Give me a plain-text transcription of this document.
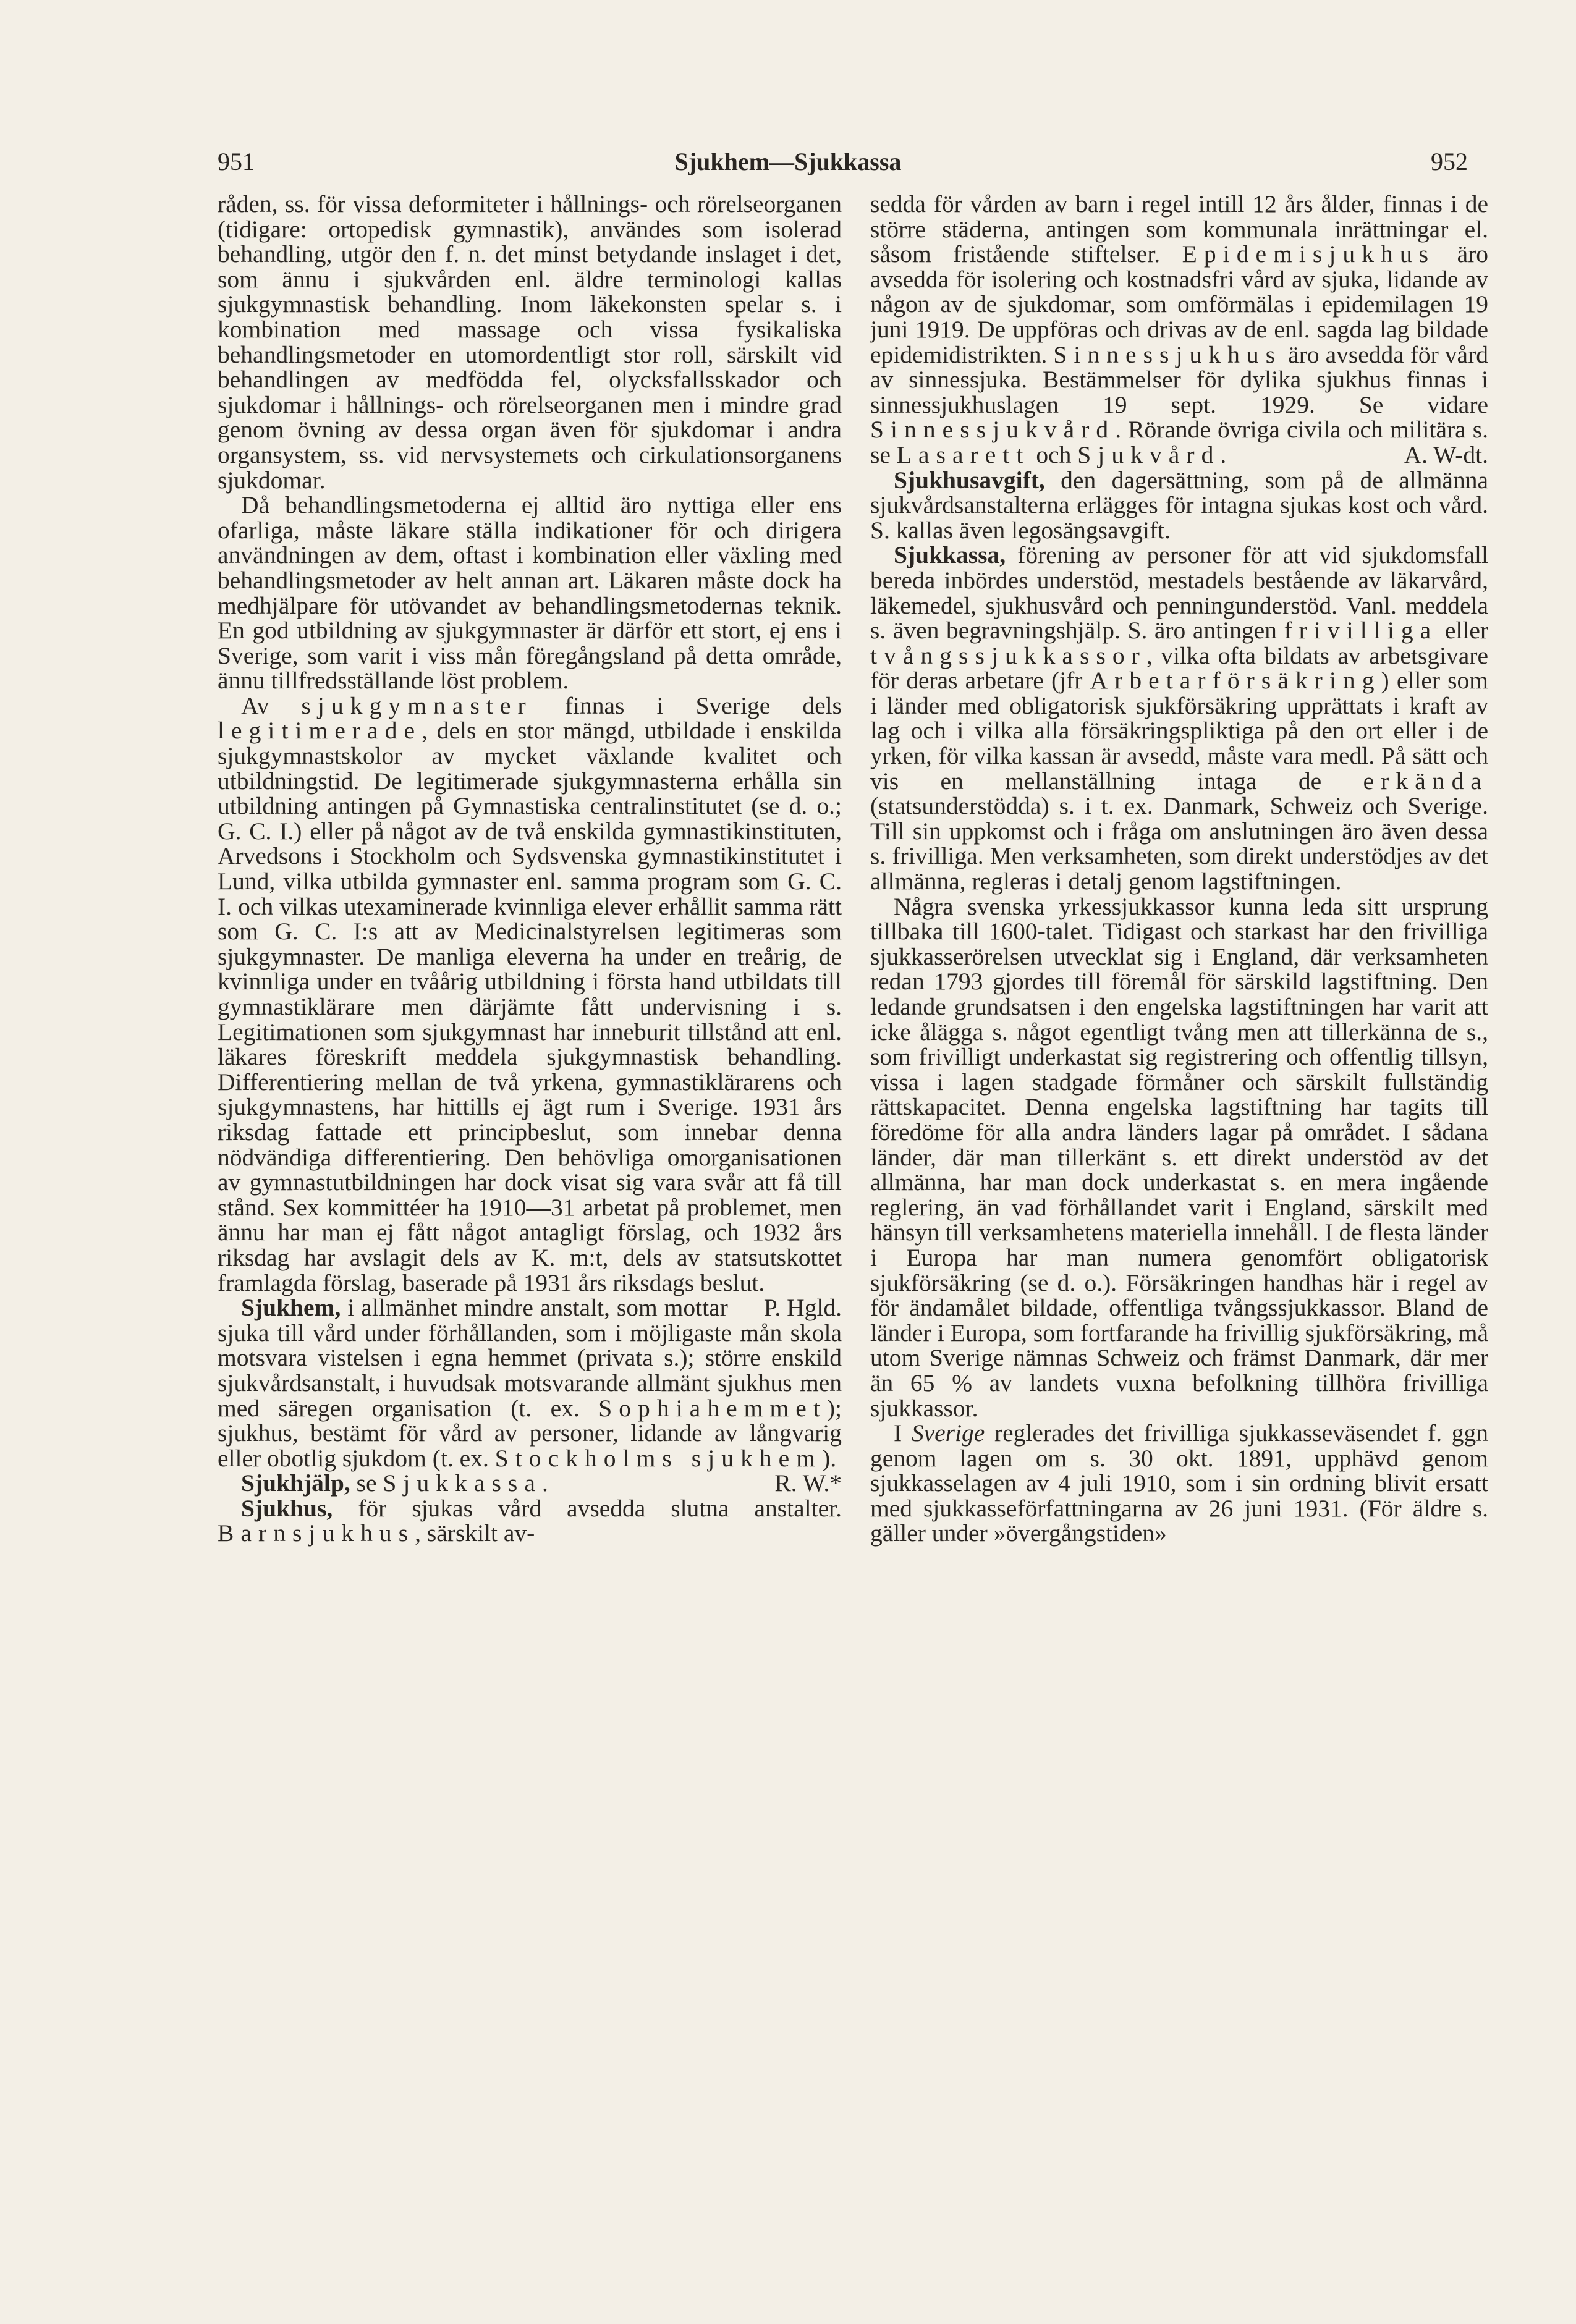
951	Sjukhem—Sjukkassa	952

råden, ss. för vissa deformiteter i hållnings- och rörelseorganen (tidigare: ortopedisk gymnastik), användes som isolerad behandling, utgör den f. n. det minst betydande inslaget i det, som ännu i sjukvården enl. äldre terminologi kallas sjukgymnastisk behandling. Inom läkekonsten spelar s. i kombination med massage och vissa fysikaliska behandlingsmetoder en utomordentligt stor roll, särskilt vid behandlingen av medfödda fel, olycksfallsskador och sjukdomar i hållnings- och rörelseorganen men i mindre grad genom övning av dessa organ även för sjukdomar i andra organsystem, ss. vid nervsystemets och cirkulationsorganens sjukdomar.

Då behandlingsmetoderna ej alltid äro nyttiga eller ens ofarliga, måste läkare ställa indikationer för och dirigera användningen av dem, oftast i kombination eller växling med behandlingsmetoder av helt annan art. Läkaren måste dock ha medhjälpare för utövandet av behandlingsmetodernas teknik. En god utbildning av sjukgymnaster är därför ett stort, ej ens i Sverige, som varit i viss mån föregångsland på detta område, ännu tillfredsställande löst problem.

Av sjukgymnaster finnas i Sverige dels legitimerade, dels en stor mängd, utbildade i enskilda sjukgymnastskolor av mycket växlande kvalitet och utbildningstid. De legitimerade sjukgymnasterna erhålla sin utbildning antingen på Gymnastiska centralinstitutet (se d. o.; G. C. I.) eller på något av de två enskilda gymnastikinstituten, Arvedsons i Stockholm och Sydsvenska gymnastikinstitutet i Lund, vilka utbilda gymnaster enl. samma program som G. C. I. och vilkas utexaminerade kvinnliga elever erhållit samma rätt som G. C. I:s att av Medicinalstyrelsen legitimeras som sjukgymnaster. De manliga eleverna ha under en treårig, de kvinnliga under en tvåårig utbildning i första hand utbildats till gymnastiklärare men därjämte fått undervisning i s. Legitimationen som sjukgymnast har inneburit tillstånd att enl. läkares föreskrift meddela sjukgymnastisk behandling. Differentiering mellan de två yrkena, gymnastiklärarens och sjukgymnastens, har hittills ej ägt rum i Sverige. 1931 års riksdag fattade ett principbeslut, som innebar denna nödvändiga differentiering. Den behövliga omorganisationen av gymnastutbildningen har dock visat sig vara svår att få till stånd. Sex kommittéer ha 1910—31 arbetat på problemet, men ännu har man ej fått något antagligt förslag, och 1932 års riksdag har avslagit dels av K. m:t, dels av statsutskottet framlagda förslag, baserade på 1931 års riksdags beslut.
P. Hgld.

Sjukhem, i allmänhet mindre anstalt, som mottar sjuka till vård under förhållanden, som i möjligaste mån skola motsvara vistelsen i egna hemmet (privata s.); större enskild sjukvårdsanstalt, i huvudsak motsvarande allmänt sjukhus men med säregen organisation (t. ex. Sophiahemmet); sjukhus, bestämt för vård av personer, lidande av långvarig eller obotlig sjukdom (t. ex. Stockholms sjukhem).
R. W.*

Sjukhjälp, se Sjukkassa.

Sjukhus, för sjukas vård avsedda slutna anstalter. Barnsjukhus, särskilt av-

sedda för vården av barn i regel intill 12 års ålder, finnas i de större städerna, antingen som kommunala inrättningar el. såsom fristående stiftelser. Epidemisjukhus äro avsedda för isolering och kostnadsfri vård av sjuka, lidande av någon av de sjukdomar, som omförmälas i epidemilagen 19 juni 1919. De uppföras och drivas av de enl. sagda lag bildade epidemidistrikten. Sinnessjukhus äro avsedda för vård av sinnessjuka. Bestämmelser för dylika sjukhus finnas i sinnessjukhuslagen 19 sept. 1929. Se vidare Sinnessjukvård. Rörande övriga civila och militära s. se Lasarett och Sjukvård.	A. W-dt.

Sjukhusavgift, den dagersättning, som på de allmänna sjukvårdsanstalterna erlägges för intagna sjukas kost och vård. S. kallas även legosängsavgift.

Sjukkassa, förening av personer för att vid sjukdomsfall bereda inbördes understöd, mestadels bestående av läkarvård, läkemedel, sjukhusvård och penningunderstöd. Vanl. meddela s. även begravningshjälp. S. äro antingen frivilliga eller tvångssjukkassor, vilka ofta bildats av arbetsgivare för deras arbetare (jfr Arbetarförsäkring) eller som i länder med obligatorisk sjukförsäkring upprättats i kraft av lag och i vilka alla försäkringspliktiga på den ort eller i de yrken, för vilka kassan är avsedd, måste vara medl. På sätt och vis en mellanställning intaga de erkända (statsunderstödda) s. i t. ex. Danmark, Schweiz och Sverige. Till sin uppkomst och i fråga om anslutningen äro även dessa s. frivilliga. Men verksamheten, som direkt understödjes av det allmänna, regleras i detalj genom lagstiftningen.

Några svenska yrkessjukkassor kunna leda sitt ursprung tillbaka till 1600-talet. Tidigast och starkast har den frivilliga sjukkasserörelsen utvecklat sig i England, där verksamheten redan 1793 gjordes till föremål för särskild lagstiftning. Den ledande grundsatsen i den engelska lagstiftningen har varit att icke ålägga s. något egentligt tvång men att tillerkänna de s., som frivilligt underkastat sig registrering och offentlig tillsyn, vissa i lagen stadgade förmåner och särskilt fullständig rättskapacitet. Denna engelska lagstiftning har tagits till föredöme för alla andra länders lagar på området. I sådana länder, där man tillerkänt s. ett direkt understöd av det allmänna, har man dock underkastat s. en mera ingående reglering, än vad förhållandet varit i England, särskilt med hänsyn till verksamhetens materiella innehåll. I de flesta länder i Europa har man numera genomfört obligatorisk sjukförsäkring (se d. o.). Försäkringen handhas här i regel av för ändamålet bildade, offentliga tvångssjukkassor. Bland de länder i Europa, som fortfarande ha frivillig sjukförsäkring, må utom Sverige nämnas Schweiz och främst Danmark, där mer än 65 % av landets vuxna befolkning tillhöra frivilliga sjukkassor.

I Sverige reglerades det frivilliga sjukkasseväsendet f. ggn genom lagen om s. 30 okt. 1891, upphävd genom sjukkasselagen av 4 juli 1910, som i sin ordning blivit ersatt med sjukkasseförfattningarna av 26 juni 1931. (För äldre s. gäller under »övergångstiden»
